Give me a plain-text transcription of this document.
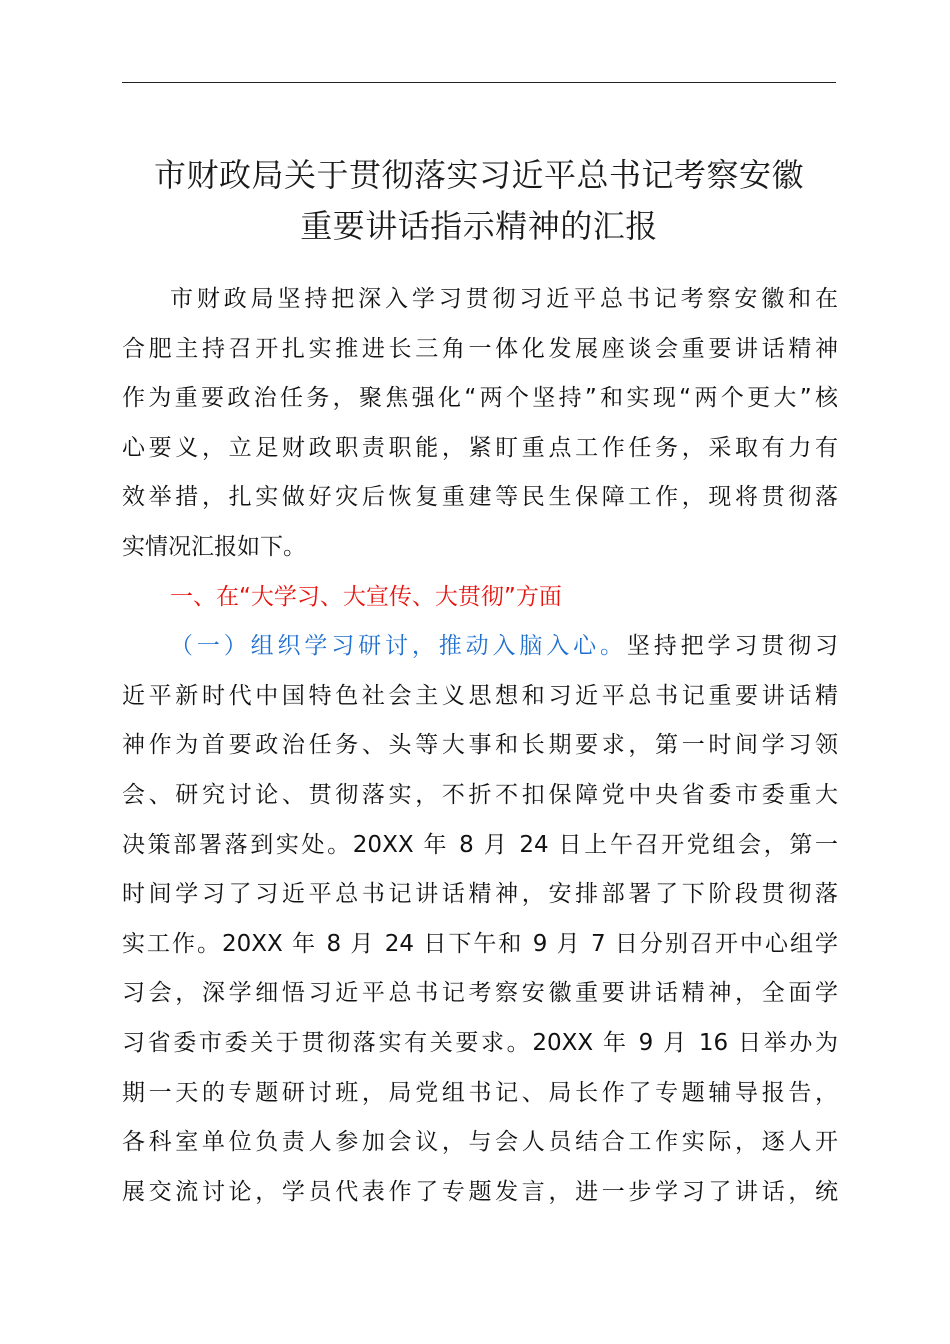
市财政局关于贯彻落实习近平总书记考察安徽
重要讲话指示精神的汇报
市财政局坚持把深入学习贯彻习近平总书记考察安徽和在
合肥主持召开扎实推进长三角一体化发展座谈会重要讲话精神
作为重要政治任务，聚焦强化“两个坚持”和实现“两个更大”核
心要义，立足财政职责职能，紧盯重点工作任务，采取有力有
效举措，扎实做好灾后恢复重建等民生保障工作，现将贯彻落
实情况汇报如下。
一、在“大学习、大宣传、大贯彻”方面
（一）组织学习研讨，推动入脑入心。坚持把学习贯彻习
近平新时代中国特色社会主义思想和习近平总书记重要讲话精
神作为首要政治任务、头等大事和长期要求，第一时间学习领
会、研究讨论、贯彻落实，不折不扣保障党中央省委市委重大
决策部署落到实处。20XX 年 8 月 24 日上午召开党组会，第一
时间学习了习近平总书记讲话精神，安排部署了下阶段贯彻落
实工作。20XX 年 8 月 24 日下午和 9 月 7 日分别召开中心组学
习会，深学细悟习近平总书记考察安徽重要讲话精神，全面学
习省委市委关于贯彻落实有关要求。20XX 年 9 月 16 日举办为
期一天的专题研讨班，局党组书记、局长作了专题辅导报告，
各科室单位负责人参加会议，与会人员结合工作实际，逐人开
展交流讨论，学员代表作了专题发言，进一步学习了讲话，统
